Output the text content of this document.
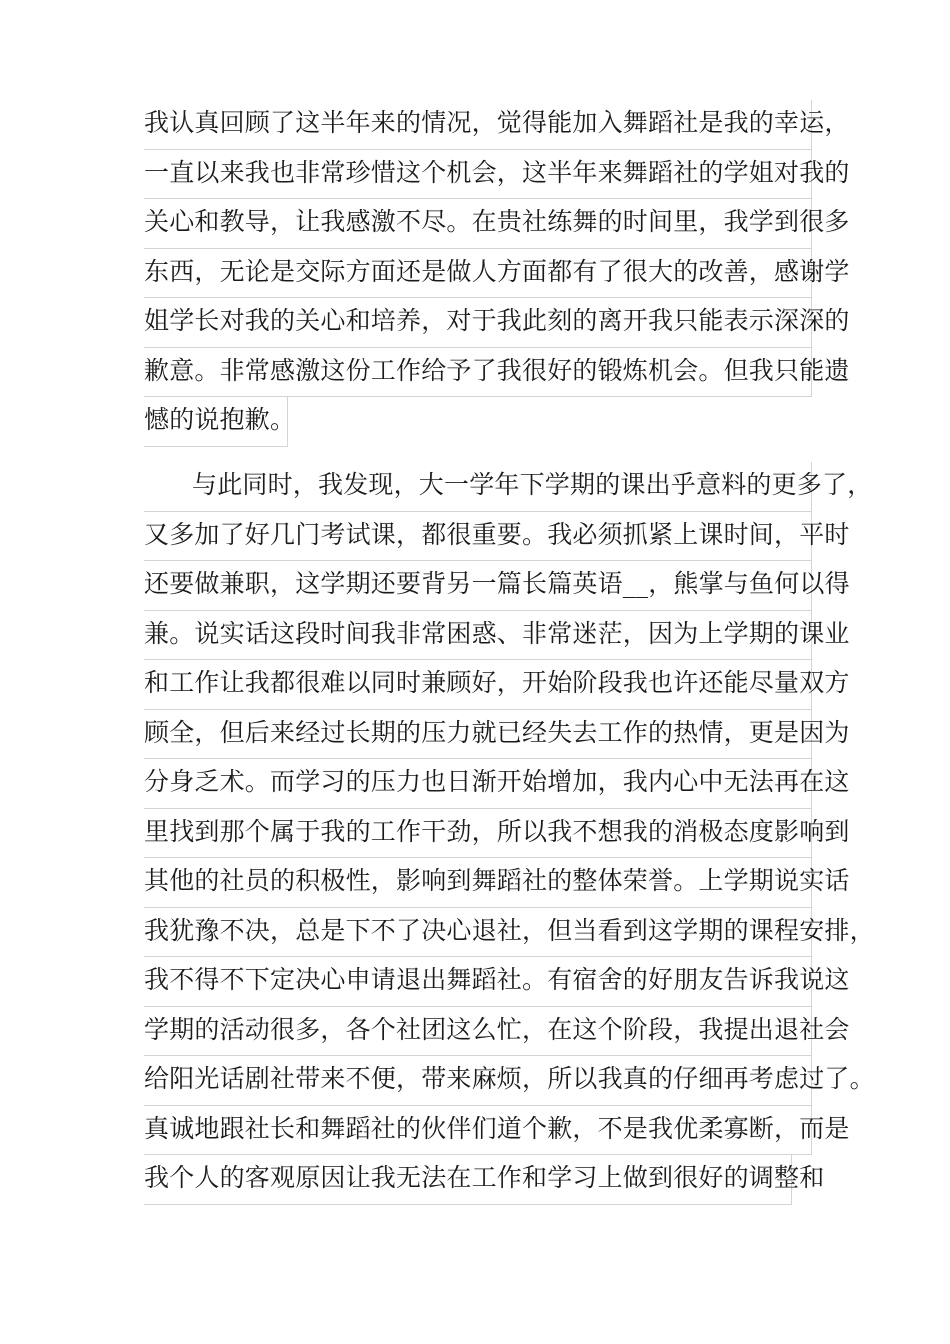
我认真回顾了这半年来的情况，觉得能加入舞蹈社是我的幸运，
一直以来我也非常珍惜这个机会，这半年来舞蹈社的学姐对我的
关心和教导，让我感激不尽。在贵社练舞的时间里，我学到很多
东西，无论是交际方面还是做人方面都有了很大的改善，感谢学
姐学长对我的关心和培养，对于我此刻的离开我只能表示深深的
歉意。非常感激这份工作给予了我很好的锻炼机会。但我只能遗
憾的说抱歉。
与此同时，我发现，大一学年下学期的课出乎意料的更多了，
又多加了好几门考试课，都很重要。我必须抓紧上课时间，平时
还要做兼职，这学期还要背另一篇长篇英语__，熊掌与鱼何以得
兼。说实话这段时间我非常困惑、非常迷茫，因为上学期的课业
和工作让我都很难以同时兼顾好，开始阶段我也许还能尽量双方
顾全，但后来经过长期的压力就已经失去工作的热情，更是因为
分身乏术。而学习的压力也日渐开始增加，我内心中无法再在这
里找到那个属于我的工作干劲，所以我不想我的消极态度影响到
其他的社员的积极性，影响到舞蹈社的整体荣誉。上学期说实话
我犹豫不决，总是下不了决心退社，但当看到这学期的课程安排，
我不得不下定决心申请退出舞蹈社。有宿舍的好朋友告诉我说这
学期的活动很多，各个社团这么忙，在这个阶段，我提出退社会
给阳光话剧社带来不便，带来麻烦，所以我真的仔细再考虑过了。
真诚地跟社长和舞蹈社的伙伴们道个歉，不是我优柔寡断，而是
我个人的客观原因让我无法在工作和学习上做到很好的调整和
